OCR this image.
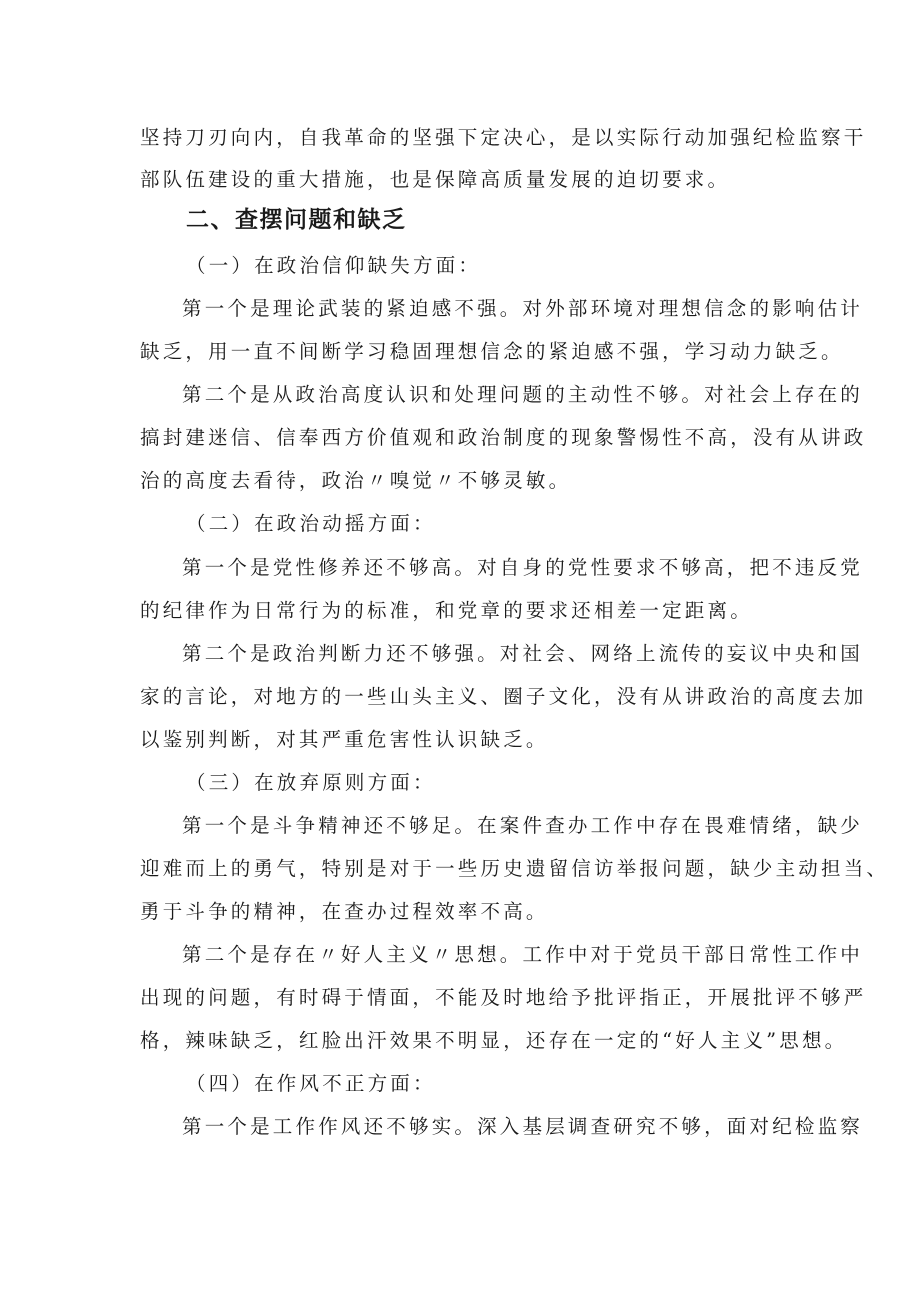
坚持刀刃向内，自我革命的坚强下定决心，是以实际行动加强纪检监察干
部队伍建设的重大措施，也是保障高质量发展的迫切要求。
二、查摆问题和缺乏
（一）在政治信仰缺失方面：
第一个是理论武装的紧迫感不强。对外部环境对理想信念的影响估计
缺乏，用一直不间断学习稳固理想信念的紧迫感不强，学习动力缺乏。
第二个是从政治高度认识和处理问题的主动性不够。对社会上存在的
搞封建迷信、信奉西方价值观和政治制度的现象警惕性不高，没有从讲政
治的高度去看待，政治〃嗅觉〃不够灵敏。
（二）在政治动摇方面：
第一个是党性修养还不够高。对自身的党性要求不够高，把不违反党
的纪律作为日常行为的标准，和党章的要求还相差一定距离。
第二个是政治判断力还不够强。对社会、网络上流传的妄议中央和国
家的言论，对地方的一些山头主义、圈子文化，没有从讲政治的高度去加
以鉴别判断，对其严重危害性认识缺乏。
（三）在放弃原则方面：
第一个是斗争精神还不够足。在案件查办工作中存在畏难情绪，缺少
迎难而上的勇气，特别是对于一些历史遗留信访举报问题，缺少主动担当、
勇于斗争的精神，在查办过程效率不高。
第二个是存在〃好人主义〃思想。工作中对于党员干部日常性工作中
出现的问题，有时碍于情面，不能及时地给予批评指正，开展批评不够严
格，辣味缺乏，红脸出汗效果不明显，还存在一定的“好人主义”思想。
（四）在作风不正方面：
第一个是工作作风还不够实。深入基层调查研究不够，面对纪检监察
